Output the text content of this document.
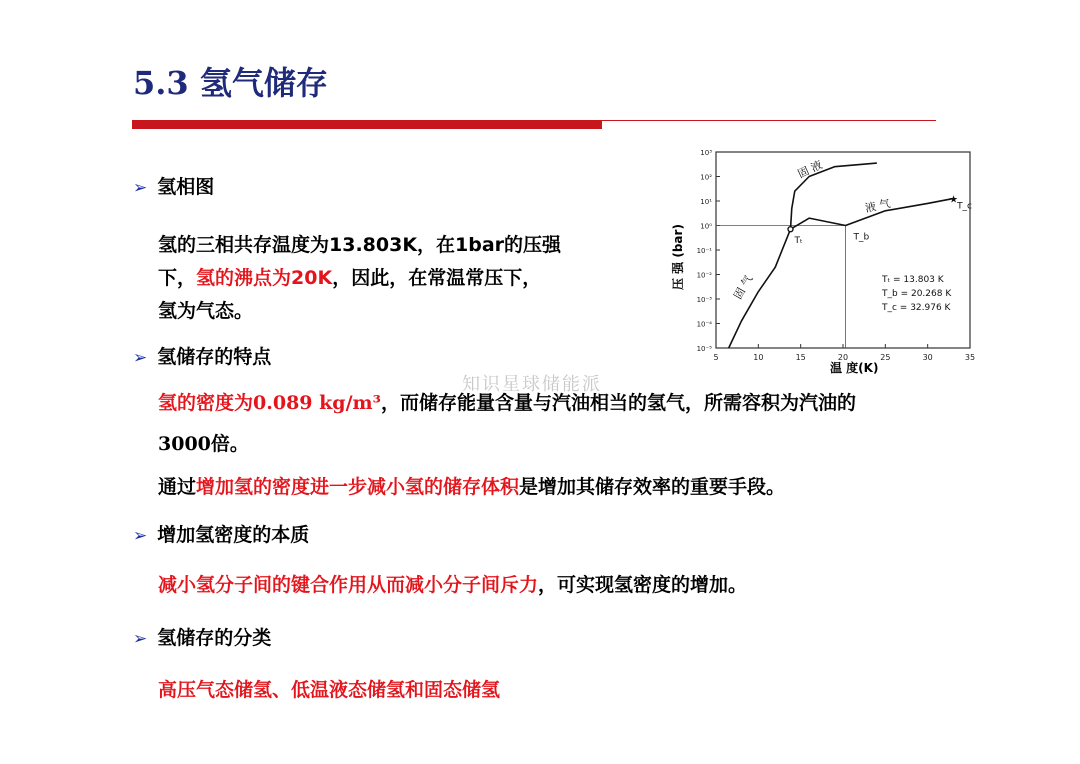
5.3 氢气储存
➢ 氢相图
氢的三相共存温度为13.803K，在1bar的压强
下，氢的沸点为20K，因此，在常温常压下，
氢为气态。
➢ 氢储存的特点
氢的密度为0.089 kg/m³，而储存能量含量与汽油相当的氢气，所需容积为汽油的
3000倍。
通过增加氢的密度进一步减小氢的储存体积是增加其储存效率的重要手段。
➢ 增加氢密度的本质
减小氢分子间的键合作用从而减小分子间斥力，可实现氢密度的增加。
➢ 氢储存的分类
高压气态储氢、低温液态储氢和固态储氢
知识星球储能派
5	10	15	20	25	30	35
10⁻⁵
10⁻⁴
10⁻³
10⁻²
10⁻¹
10⁰
10¹
10²
10³
★
固 液
液 气
固 气
Tₜ	T_b
T_c
Tₜ = 13.803 K
T_b = 20.268 K
T_c = 32.976 K
压 强 (bar)
温 度(K)
